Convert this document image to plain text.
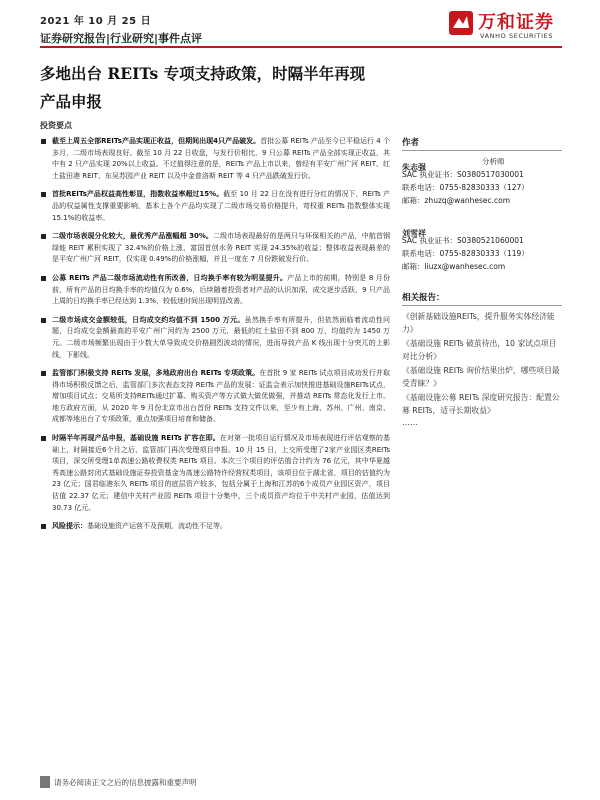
2021 年 10 月 25 日
证券研究报告|行业研究|事件点评
万和证券
VANHO SECURITIES
多地出台 REITs 专项支持政策，时隔半年再现产品申报
投资要点
截至上周五全部REITs产品实现正收益，但期间出现4只产品破发。首批公募 REITs 产品至今已平稳运行 4 个多月，二级市场表现良好。截至 10 月 22 日收盘，与发行价相比，9 只公募 REITs 产品全部实现正收益，其中有 2 只产品实现 20%以上收益。不过值得注意的是，REITs 产品上市以来，曾经有平安广州广河 REIT、红土盐田港 REIT、东吴苏园产业 REIT 以及中金普洛斯 REIT 等 4 只产品跌破发行价。
首批REITs产品权益高性彰显，指数收益率超过15%。截至 10 月 22 日在没有进行分红的情况下，REITs 产品的权益属性支撑重要影响，基本上各个产品均实现了二级市场交易价格提升，弯权重 REITs 指数整体实现 15.1%的收益率。
二级市场表现分化较大，最优秀产品涨幅超 30%。二级市场表现最好的是两只与环保相关的产品，中航首钢绿能 REIT 累积实现了 32.4%的价格上涨，富国首创水务 REIT 实现 24.35%的收益；整体收益表现最差的是平安广州广河 REIT，仅实现 0.49%的价格涨幅，并且一度在 7 月份跌破发行价。
公募 REITs 产品二级市场流动性有所改善，日均换手率有较为明显提升。产品上市的前期，特别是 8 月份前，所有产品的日均换手率的均值仅为 0.6%，后续随着投资者对产品的认识加深，成交逐步活跃，9 只产品上周的日均换手率已经达到 1.3%，较低迷时间出现明显改善。
二级市场成交金额较低，日均成交约均值不到 1500 万元。虽然换手率有所提升，但依然面临着流动性问题，日均成交金额最高的平安广州广河约为 2500 万元，最低的红土盐田不到 800 万，均值约为 1450 万元。二级市场频繁出现由于少数大单导致成交价格剧烈波动的情况，进而导致产品 K 线出现十分突兀的上影线，下影线。
监管部门积极支持 REITs 发展，多地政府出台 REITs 专项政策。在首批 9 家 REITs 试点项目成功发行并取得市场积极反馈之后，监管部门多次表态支持 REITs 产品的发展：证监会表示加快推进基础设施REITs试点，增加项目试点；交易所支持REITs通过扩募、购买资产等方式做大做优做强，并推动 REITs 常态化发行上市。地方政府方面，从 2020 年 9 月份北京市出台首份 REITs 支持文件以来，至少有上海、苏州、广州、南京、成都等地出台了专项政策，重点加强项目培育和储备。
时隔半年再现产品申报，基础设施 REITs 扩容在即。在对第一批项目运行情况及市场表现进行评估观察的基础上，时隔接近6个月之后，监管部门再次受理项目申报。10 月 15 日，上交所受理了2家产业园区类REITs项目，深交所受理1单高速公路收费权类 REITs 项目。本次三个项目的评估值合计约为 76 亿元，其中华夏越秀高速公路封闭式基础设施证券投资基金为高速公路特许经营权类项目，该项目位于湖北省，项目的估值约为 23 亿元；国君临港东久 REITs 项目的底层资产较多，包括分属于上海和江苏的6个成员产业园区资产，项目估值 22.37 亿元；建信中关村产业园 REITs 项目十分集中，三个成员资产均位于中关村产业园，估值达到 30.73 亿元。
风险提示：基础设施资产运营不及预期，流动性不足等。
作者
朱志强
分析师
SAC 执业证书：S0380517030001
联系电话：0755-82830333（127）
邮箱：zhuzq@wanhesec.com
刘雪祥
SAC 执业证书：S0380521060001
联系电话：0755-82830333（119）
邮箱：liuzx@wanhesec.com
相关报告：
《创新基础设施REITs，提升服务实体经济能力》
《基础设施 REITs 破茧待出，10 家试点项目对比分析》
《基础设施 REITs 询价结果出炉，哪些项目最受青睐？》
《基础设施公募 REITs 深度研究报告：配置公募 REITs，适寻长期收益》
……
请务必阅读正文之后的信息披露和重要声明
